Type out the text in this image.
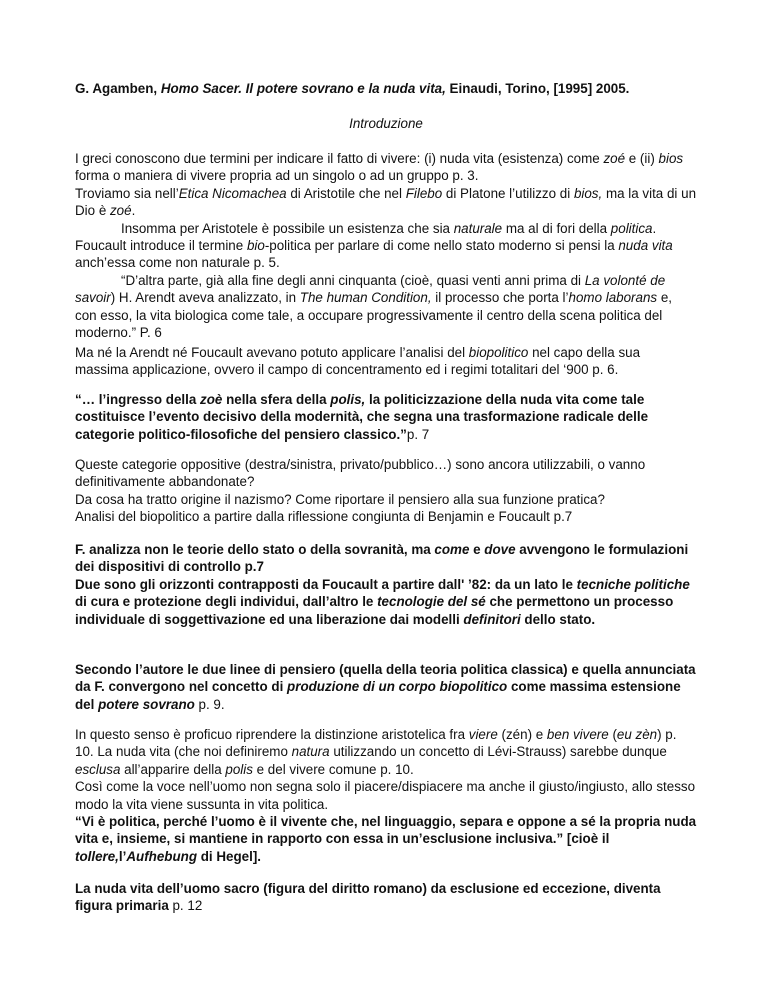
G. Agamben, Homo Sacer. Il potere sovrano e la nuda vita, Einaudi, Torino, [1995] 2005.

Introduzione

I greci conoscono due termini per indicare il fatto di vivere: (i) nuda vita (esistenza) come zoé e (ii) bios forma o maniera di vivere propria ad un singolo o ad un gruppo p. 3.

Troviamo sia nell’Etica Nicomachea di Aristotile che nel Filebo di Platone l’utilizzo di bios, ma la vita di un Dio è zoé.

Insomma per Aristotele è possibile un esistenza che sia naturale ma al di fori della politica.

Foucault introduce il termine bio-politica per parlare di come nello stato moderno si pensi la nuda vita anch’essa come non naturale p. 5.

“D’altra parte, già alla fine degli anni cinquanta (cioè, quasi venti anni prima di La volonté de savoir) H. Arendt aveva analizzato, in The human Condition, il processo che porta l’homo laborans e, con esso, la vita biologica come tale, a occupare progressivamente il centro della scena politica del moderno.” P. 6

Ma né la Arendt né Foucault avevano potuto applicare l’analisi del biopolitico nel capo della sua massima applicazione, ovvero il campo di concentramento ed i regimi totalitari del ‘900 p. 6.

“… l’ingresso della zoè nella sfera della polis, la politicizzazione della nuda vita come tale costituisce l’evento decisivo della modernità, che segna una trasformazione radicale delle categorie politico-filosofiche del pensiero classico.”p. 7

Queste categorie oppositive (destra/sinistra, privato/pubblico…) sono ancora utilizzabili, o vanno definitivamente abbandonate?

Da cosa ha tratto origine il nazismo? Come riportare il pensiero alla sua funzione pratica?

Analisi del biopolitico a partire dalla riflessione congiunta di Benjamin e Foucault p.7

F. analizza non le teorie dello stato o della sovranità, ma come e dove avvengono le formulazioni dei dispositivi di controllo p.7

Due sono gli orizzonti contrapposti da Foucault a partire dall' ’82: da un lato le tecniche politiche di cura e protezione degli individui, dall’altro le tecnologie del sé che permettono un processo individuale di soggettivazione ed una liberazione dai modelli definitori dello stato.

Secondo l’autore le due linee di pensiero (quella della teoria politica classica) e quella annunciata da F. convergono nel concetto di produzione di un corpo biopolitico come massima estensione del potere sovrano p. 9.

In questo senso è proficuo riprendere la distinzione aristotelica fra viere (zén) e ben vivere (eu zèn) p. 10. La nuda vita (che noi definiremo natura utilizzando un concetto di Lévi-Strauss) sarebbe dunque esclusa all’apparire della polis e del vivere comune p. 10.

Così come la voce nell’uomo non segna solo il piacere/dispiacere ma anche il giusto/ingiusto, allo stesso modo la vita viene sussunta in vita politica.

“Vi è politica, perché l’uomo è il vivente che, nel linguaggio, separa e oppone a sé la propria nuda vita e, insieme, si mantiene in rapporto con essa in un’esclusione inclusiva.” [cioè il tollere,l’Aufhebung di Hegel].

La nuda vita dell’uomo sacro (figura del diritto romano) da esclusione ed eccezione, diventa figura primaria p. 12
